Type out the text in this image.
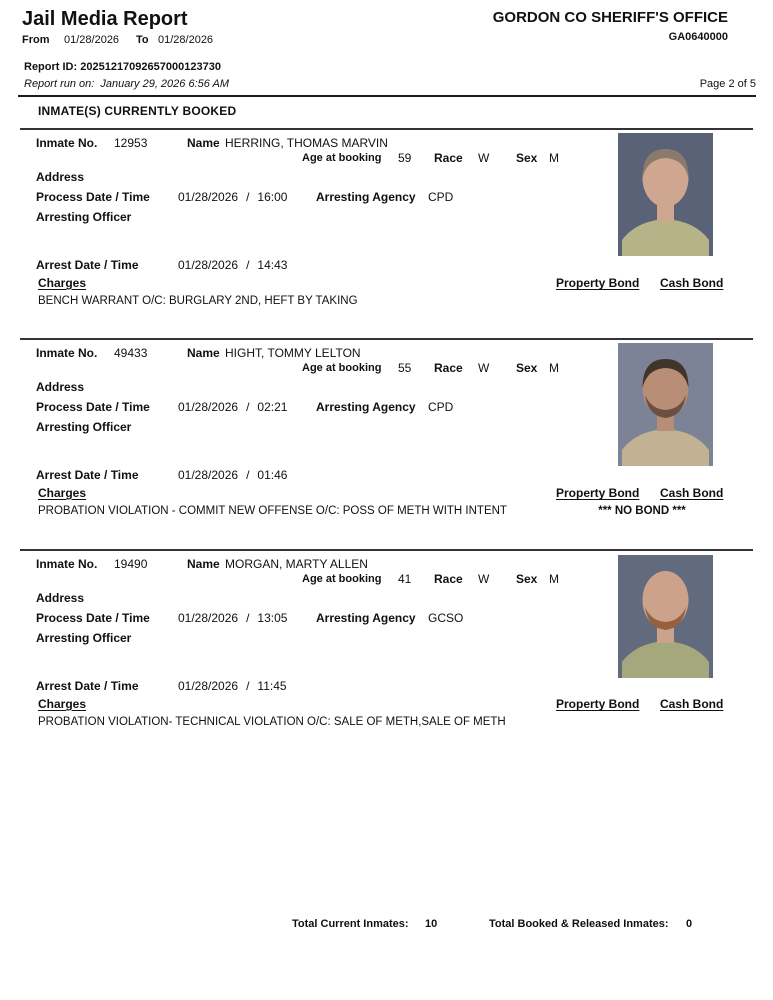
Jail Media Report
From 01/28/2026 To 01/28/2026
GORDON CO SHERIFF'S OFFICE
GA0640000
Report ID: 20251217092657000123730
Report run on: January 29, 2026 6:56 AM	Page 2 of 5
INMATE(S) CURRENTLY BOOKED
Inmate No. 12953	Name HERRING, THOMAS MARVIN
Age at booking 59 Race W Sex M
Address
Process Date / Time 01/28/2026 / 16:00 Arresting Agency CPD
Arresting Officer
Arrest Date / Time	01/28/2026 / 14:43
Charges	Property Bond Cash Bond
BENCH WARRANT O/C: BURGLARY 2ND, HEFT BY TAKING
Inmate No. 49433	Name HIGHT, TOMMY LELTON
Age at booking 55 Race W Sex M
Address
Process Date / Time 01/28/2026 / 02:21 Arresting Agency CPD
Arresting Officer
Arrest Date / Time	01/28/2026 / 01:46
Charges	Property Bond Cash Bond
PROBATION VIOLATION - COMMIT NEW OFFENSE O/C: POSS OF METH WITH INTENT	*** NO BOND ***
Inmate No. 19490	Name MORGAN, MARTY ALLEN
Age at booking 41 Race W Sex M
Address
Process Date / Time 01/28/2026 / 13:05 Arresting Agency GCSO
Arresting Officer
Arrest Date / Time	01/28/2026 / 11:45
Charges	Property Bond Cash Bond
PROBATION VIOLATION- TECHNICAL VIOLATION O/C: SALE OF METH,SALE OF METH
Total Current Inmates: 10	Total Booked & Released Inmates: 0
